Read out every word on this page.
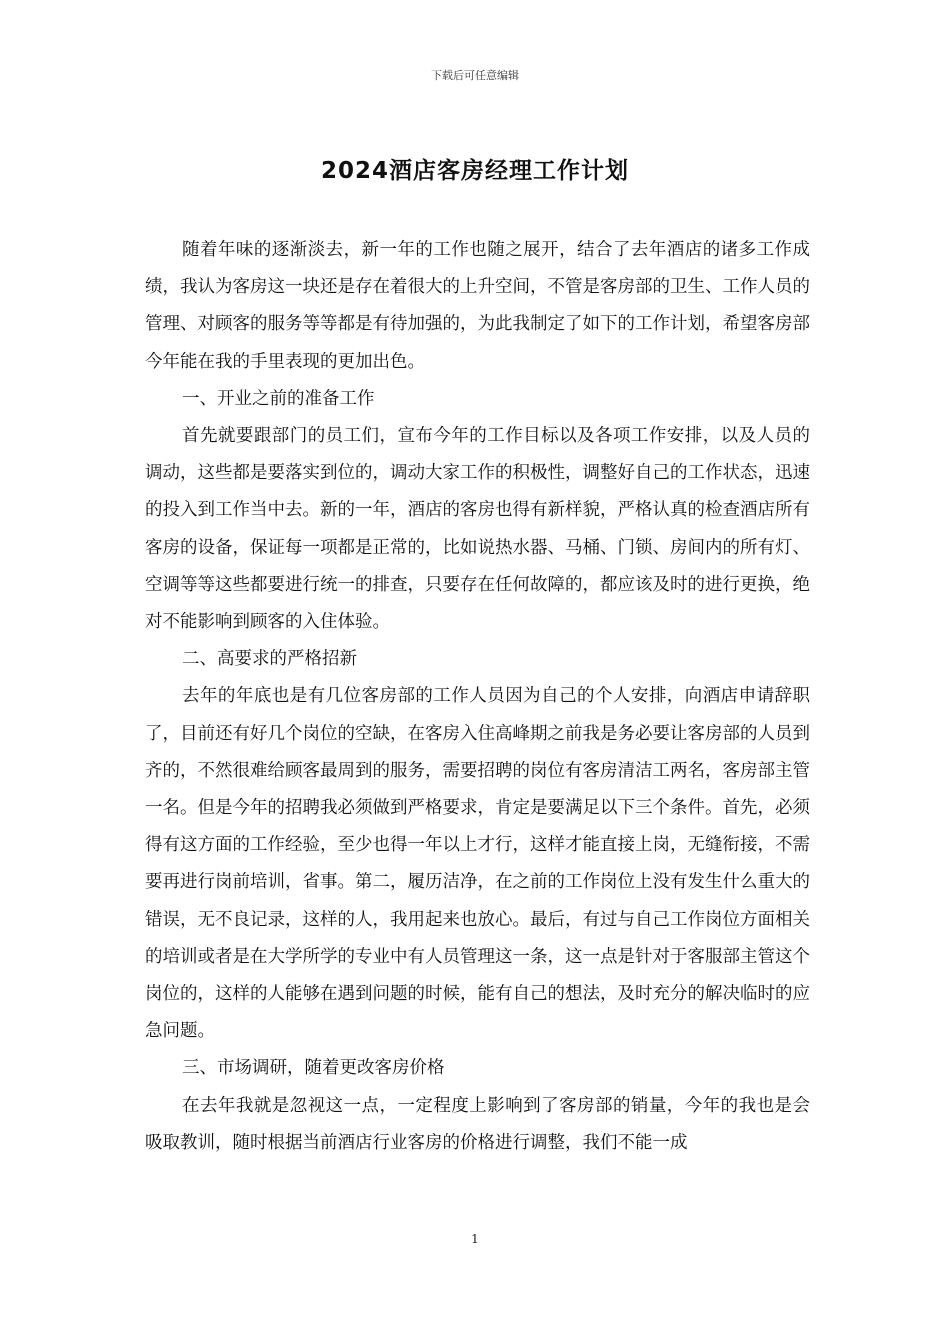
下载后可任意编辑
2024酒店客房经理工作计划

随着年味的逐渐淡去，新一年的工作也随之展开，结合了去年酒店的诸多工作成绩，我认为客房这一块还是存在着很大的上升空间，不管是客房部的卫生、工作人员的管理、对顾客的服务等等都是有待加强的，为此我制定了如下的工作计划，希望客房部今年能在我的手里表现的更加出色。

一、开业之前的准备工作

首先就要跟部门的员工们，宣布今年的工作目标以及各项工作安排，以及人员的调动，这些都是要落实到位的，调动大家工作的积极性，调整好自己的工作状态，迅速的投入到工作当中去。新的一年，酒店的客房也得有新样貌，严格认真的检查酒店所有客房的设备，保证每一项都是正常的，比如说热水器、马桶、门锁、房间内的所有灯、空调等等这些都要进行统一的排查，只要存在任何故障的，都应该及时的进行更换，绝对不能影响到顾客的入住体验。

二、高要求的严格招新

去年的年底也是有几位客房部的工作人员因为自己的个人安排，向酒店申请辞职了，目前还有好几个岗位的空缺，在客房入住高峰期之前我是务必要让客房部的人员到齐的，不然很难给顾客最周到的服务，需要招聘的岗位有客房清洁工两名，客房部主管一名。但是今年的招聘我必须做到严格要求，肯定是要满足以下三个条件。首先，必须得有这方面的工作经验，至少也得一年以上才行，这样才能直接上岗，无缝衔接，不需要再进行岗前培训，省事。第二，履历洁净，在之前的工作岗位上没有发生什么重大的错误，无不良记录，这样的人，我用起来也放心。最后，有过与自己工作岗位方面相关的培训或者是在大学所学的专业中有人员管理这一条，这一点是针对于客服部主管这个岗位的，这样的人能够在遇到问题的时候，能有自己的想法，及时充分的解决临时的应急问题。

三、市场调研，随着更改客房价格

在去年我就是忽视这一点，一定程度上影响到了客房部的销量，今年的我也是会吸取教训，随时根据当前酒店行业客房的价格进行调整，我们不能一成

1
